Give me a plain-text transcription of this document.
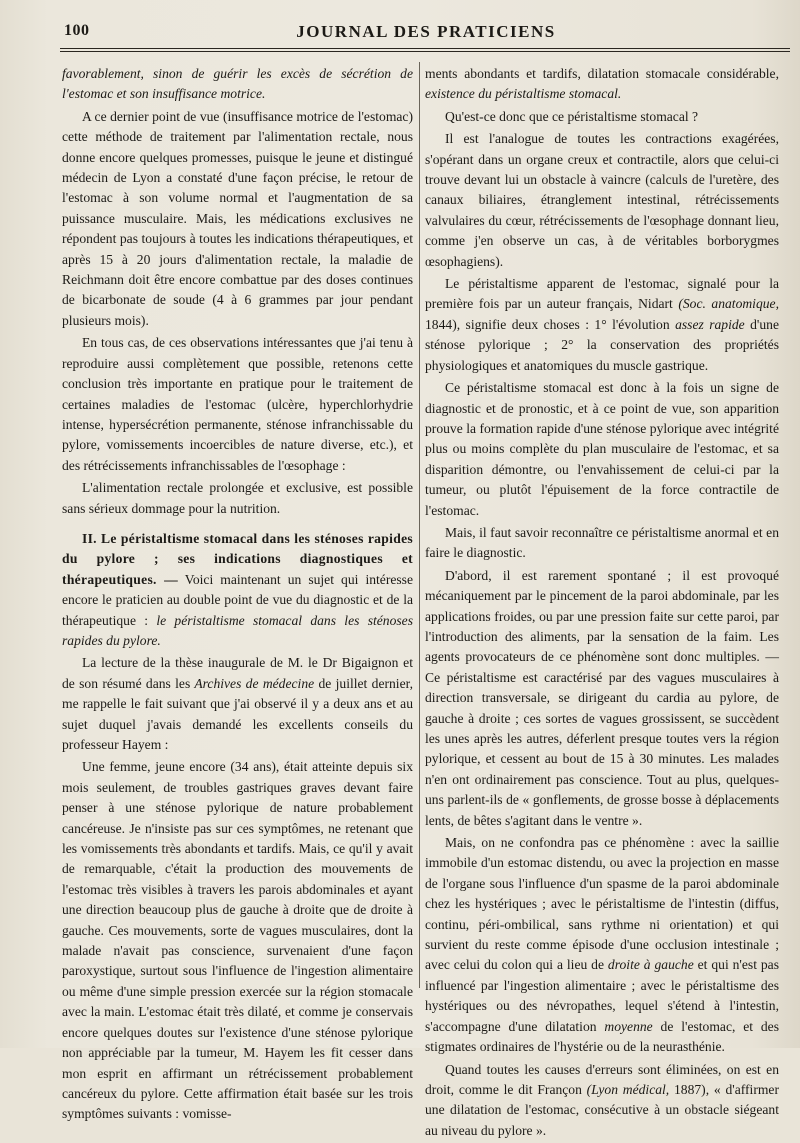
100	JOURNAL DES PRATICIENS

favorablement, sinon de guérir les excès de sécrétion de l'estomac et son insuffisance motrice.

A ce dernier point de vue (insuffisance motrice de l'estomac) cette méthode de traitement par l'alimentation rectale, nous donne encore quelques promesses, puisque le jeune et distingué médecin de Lyon a constaté d'une façon précise, le retour de l'estomac à son volume normal et l'augmentation de sa puissance musculaire. Mais, les médications exclusives ne répondent pas toujours à toutes les indications thérapeutiques, et après 15 à 20 jours d'alimentation rectale, la maladie de Reichmann doit être encore combattue par des doses continues de bicarbonate de soude (4 à 6 grammes par jour pendant plusieurs mois).

En tous cas, de ces observations intéressantes que j'ai tenu à reproduire aussi complètement que possible, retenons cette conclusion très importante en pratique pour le traitement de certaines maladies de l'estomac (ulcère, hyperchlorhydrie intense, hypersécrétion permanente, sténose infranchissable du pylore, vomissements incoercibles de nature diverse, etc.), et des rétrécissements infranchissables de l'œsophage :

L'alimentation rectale prolongée et exclusive, est possible sans sérieux dommage pour la nutrition.

II. Le péristaltisme stomacal dans les sténoses rapides du pylore ; ses indications diagnostiques et thérapeutiques. — Voici maintenant un sujet qui intéresse encore le praticien au double point de vue du diagnostic et de la thérapeutique : le péristaltisme stomacal dans les sténoses rapides du pylore.

La lecture de la thèse inaugurale de M. le Dr Bigaignon et de son résumé dans les Archives de médecine de juillet dernier, me rappelle le fait suivant que j'ai observé il y a deux ans et au sujet duquel j'avais demandé les excellents conseils du professeur Hayem :

Une femme, jeune encore (34 ans), était atteinte depuis six mois seulement, de troubles gastriques graves devant faire penser à une sténose pylorique de nature probablement cancéreuse. Je n'insiste pas sur ces symptômes, ne retenant que les vomissements très abondants et tardifs. Mais, ce qu'il y avait de remarquable, c'était la production des mouvements de l'estomac très visibles à travers les parois abdominales et ayant une direction beaucoup plus de gauche à droite que de droite à gauche. Ces mouvements, sorte de vagues musculaires, dont la malade n'avait pas conscience, survenaient d'une façon paroxystique, surtout sous l'influence de l'ingestion alimentaire ou même d'une simple pression exercée sur la région stomacale avec la main. L'estomac était très dilaté, et comme je conservais encore quelques doutes sur l'existence d'une sténose pylorique non appréciable par la tumeur, M. Hayem les fit cesser dans mon esprit en affirmant un rétrécissement probablement cancéreux du pylore. Cette affirmation était basée sur les trois symptômes suivants : vomisse-

ments abondants et tardifs, dilatation stomacale considérable, existence du péristaltisme stomacal.

Qu'est-ce donc que ce péristaltisme stomacal ?

Il est l'analogue de toutes les contractions exagérées, s'opérant dans un organe creux et contractile, alors que celui-ci trouve devant lui un obstacle à vaincre (calculs de l'uretère, des canaux biliaires, étranglement intestinal, rétrécissements valvulaires du cœur, rétrécissements de l'œsophage donnant lieu, comme j'en observe un cas, à de véritables borborygmes œsophagiens).

Le péristaltisme apparent de l'estomac, signalé pour la première fois par un auteur français, Nidart (Soc. anatomique, 1844), signifie deux choses : 1° l'évolution assez rapide d'une sténose pylorique ; 2° la conservation des propriétés physiologiques et anatomiques du muscle gastrique.

Ce péristaltisme stomacal est donc à la fois un signe de diagnostic et de pronostic, et à ce point de vue, son apparition prouve la formation rapide d'une sténose pylorique avec intégrité plus ou moins complète du plan musculaire de l'estomac, et sa disparition démontre, ou l'envahissement de celui-ci par la tumeur, ou plutôt l'épuisement de la force contractile de l'estomac.

Mais, il faut savoir reconnaître ce péristaltisme anormal et en faire le diagnostic.

D'abord, il est rarement spontané ; il est provoqué mécaniquement par le pincement de la paroi abdominale, par les applications froides, ou par une pression faite sur cette paroi, par l'introduction des aliments, par la sensation de la faim. Les agents provocateurs de ce phénomène sont donc multiples. — Ce péristaltisme est caractérisé par des vagues musculaires à direction transversale, se dirigeant du cardia au pylore, de gauche à droite ; ces sortes de vagues grossissent, se succèdent les unes après les autres, déferlent presque toutes vers la région pylorique, et cessent au bout de 15 à 30 minutes. Les malades n'en ont ordinairement pas conscience. Tout au plus, quelques-uns parlent-ils de « gonflements, de grosse bosse à déplacements lents, de bêtes s'agitant dans le ventre ».

Mais, on ne confondra pas ce phénomène : avec la saillie immobile d'un estomac distendu, ou avec la projection en masse de l'organe sous l'influence d'un spasme de la paroi abdominale chez les hystériques ; avec le péristaltisme de l'intestin (diffus, continu, péri-ombilical, sans rythme ni orientation) et qui survient du reste comme épisode d'une occlusion intestinale ; avec celui du colon qui a lieu de droite à gauche et qui n'est pas influencé par l'ingestion alimentaire ; avec le péristaltisme des hystériques ou des névropathes, lequel s'étend à l'intestin, s'accompagne d'une dilatation moyenne de l'estomac, et des stigmates ordinaires de l'hystérie ou de la neurasthénie.

Quand toutes les causes d'erreurs sont éliminées, on est en droit, comme le dit Françon (Lyon médical, 1887), « d'affirmer une dilatation de l'estomac, consécutive à un obstacle siégeant au niveau du pylore ».
